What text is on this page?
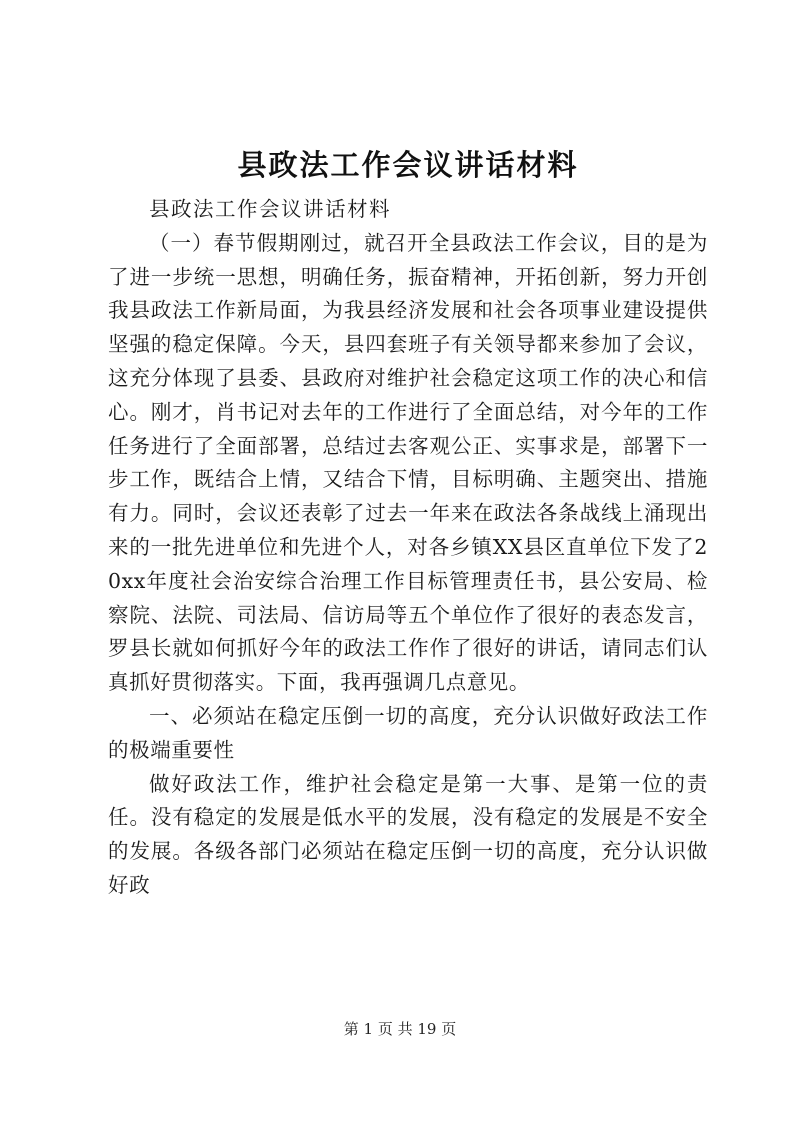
县政法工作会议讲话材料

县政法工作会议讲话材料

（一）春节假期刚过，就召开全县政法工作会议，目的是为了进一步统一思想，明确任务，振奋精神，开拓创新，努力开创我县政法工作新局面，为我县经济发展和社会各项事业建设提供坚强的稳定保障。今天，县四套班子有关领导都来参加了会议，这充分体现了县委、县政府对维护社会稳定这项工作的决心和信心。刚才，肖书记对去年的工作进行了全面总结，对今年的工作任务进行了全面部署，总结过去客观公正、实事求是，部署下一步工作，既结合上情，又结合下情，目标明确、主题突出、措施有力。同时，会议还表彰了过去一年来在政法各条战线上涌现出来的一批先进单位和先进个人，对各乡镇XX县区直单位下发了20xx年度社会治安综合治理工作目标管理责任书，县公安局、检察院、法院、司法局、信访局等五个单位作了很好的表态发言，罗县长就如何抓好今年的政法工作作了很好的讲话，请同志们认真抓好贯彻落实。下面，我再强调几点意见。

一、必须站在稳定压倒一切的高度，充分认识做好政法工作的极端重要性

做好政法工作，维护社会稳定是第一大事、是第一位的责任。没有稳定的发展是低水平的发展，没有稳定的发展是不安全的发展。各级各部门必须站在稳定压倒一切的高度，充分认识做好政

第 1 页 共 19 页
